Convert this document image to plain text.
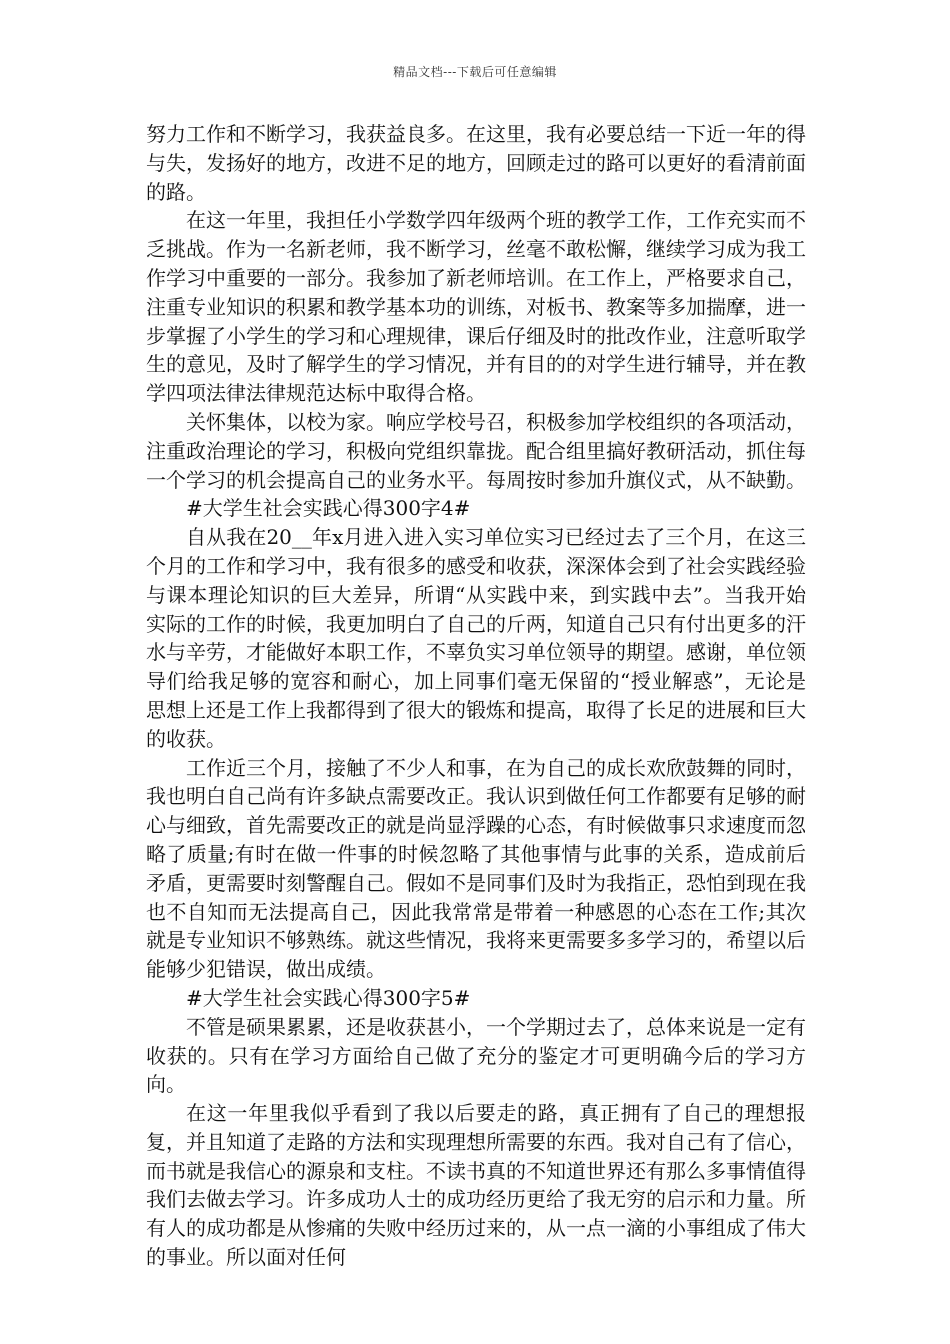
精品文档---下载后可任意编辑

努力工作和不断学习，我获益良多。在这里，我有必要总结一下近一年的得与失，发扬好的地方，改进不足的地方，回顾走过的路可以更好的看清前面的路。

在这一年里，我担任小学数学四年级两个班的教学工作，工作充实而不乏挑战。作为一名新老师，我不断学习，丝毫不敢松懈，继续学习成为我工作学习中重要的一部分。我参加了新老师培训。在工作上，严格要求自己，注重专业知识的积累和教学基本功的训练，对板书、教案等多加揣摩，进一步掌握了小学生的学习和心理规律，课后仔细及时的批改作业，注意听取学生的意见，及时了解学生的学习情况，并有目的的对学生进行辅导，并在教学四项法律法律规范达标中取得合格。

关怀集体，以校为家。响应学校号召，积极参加学校组织的各项活动，注重政治理论的学习，积极向党组织靠拢。配合组里搞好教研活动，抓住每一个学习的机会提高自己的业务水平。每周按时参加升旗仪式，从不缺勤。

#大学生社会实践心得300字4#

自从我在20__年x月进入进入实习单位实习已经过去了三个月，在这三个月的工作和学习中，我有很多的感受和收获，深深体会到了社会实践经验与课本理论知识的巨大差异，所谓“从实践中来，到实践中去”。当我开始实际的工作的时候，我更加明白了自己的斤两，知道自己只有付出更多的汗水与辛劳，才能做好本职工作，不辜负实习单位领导的期望。感谢，单位领导们给我足够的宽容和耐心，加上同事们毫无保留的“授业解惑”，无论是思想上还是工作上我都得到了很大的锻炼和提高，取得了长足的进展和巨大的收获。

工作近三个月，接触了不少人和事，在为自己的成长欢欣鼓舞的同时，我也明白自己尚有许多缺点需要改正。我认识到做任何工作都要有足够的耐心与细致，首先需要改正的就是尚显浮躁的心态，有时候做事只求速度而忽略了质量;有时在做一件事的时候忽略了其他事情与此事的关系，造成前后矛盾，更需要时刻警醒自己。假如不是同事们及时为我指正，恐怕到现在我也不自知而无法提高自己，因此我常常是带着一种感恩的心态在工作;其次就是专业知识不够熟练。就这些情况，我将来更需要多多学习的，希望以后能够少犯错误，做出成绩。

#大学生社会实践心得300字5#

不管是硕果累累，还是收获甚小，一个学期过去了，总体来说是一定有收获的。只有在学习方面给自己做了充分的鉴定才可更明确今后的学习方向。

在这一年里我似乎看到了我以后要走的路，真正拥有了自己的理想报复，并且知道了走路的方法和实现理想所需要的东西。我对自己有了信心，而书就是我信心的源泉和支柱。不读书真的不知道世界还有那么多事情值得我们去做去学习。许多成功人士的成功经历更给了我无穷的启示和力量。所有人的成功都是从惨痛的失败中经历过来的，从一点一滴的小事组成了伟大的事业。所以面对任何
